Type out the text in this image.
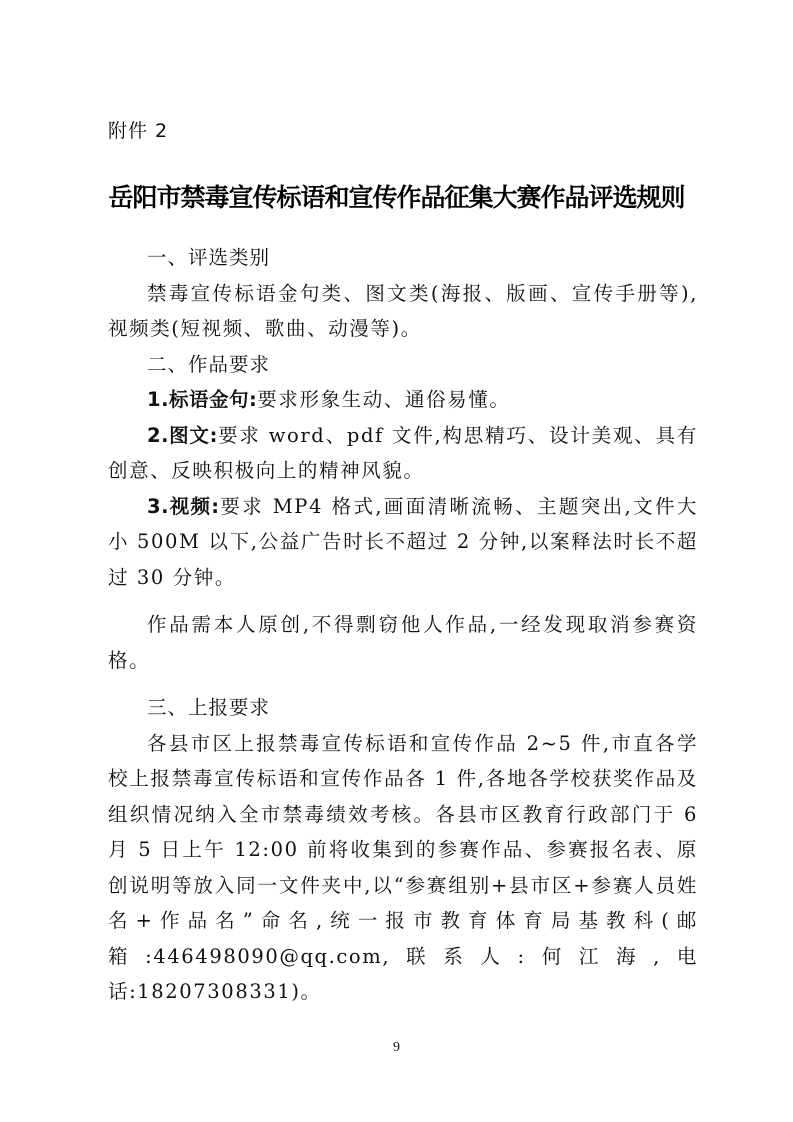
附件 2
岳阳市禁毒宣传标语和宣传作品征集大赛作品评选规则

一、评选类别

禁毒宣传标语金句类、图文类(海报、版画、宣传手册等),视频类(短视频、歌曲、动漫等)。

二、作品要求

1.标语金句:要求形象生动、通俗易懂。

2.图文:要求 word、pdf 文件,构思精巧、设计美观、具有创意、反映积极向上的精神风貌。

3.视频:要求 MP4 格式,画面清晰流畅、主题突出,文件大小 500M 以下,公益广告时长不超过 2 分钟,以案释法时长不超过 30 分钟。

作品需本人原创,不得剽窃他人作品,一经发现取消参赛资格。

三、上报要求

各县市区上报禁毒宣传标语和宣传作品 2~5 件,市直各学校上报禁毒宣传标语和宣传作品各 1 件,各地各学校获奖作品及组织情况纳入全市禁毒绩效考核。各县市区教育行政部门于 6 月 5 日上午 12:00 前将收集到的参赛作品、参赛报名表、原创说明等放入同一文件夹中,以“参赛组别+县市区+参赛人员姓名+作品名”命名,统一报市教育体育局基教科(邮箱:446498090@qq.com,联系人:何江海,电话:18207308331)。

9
